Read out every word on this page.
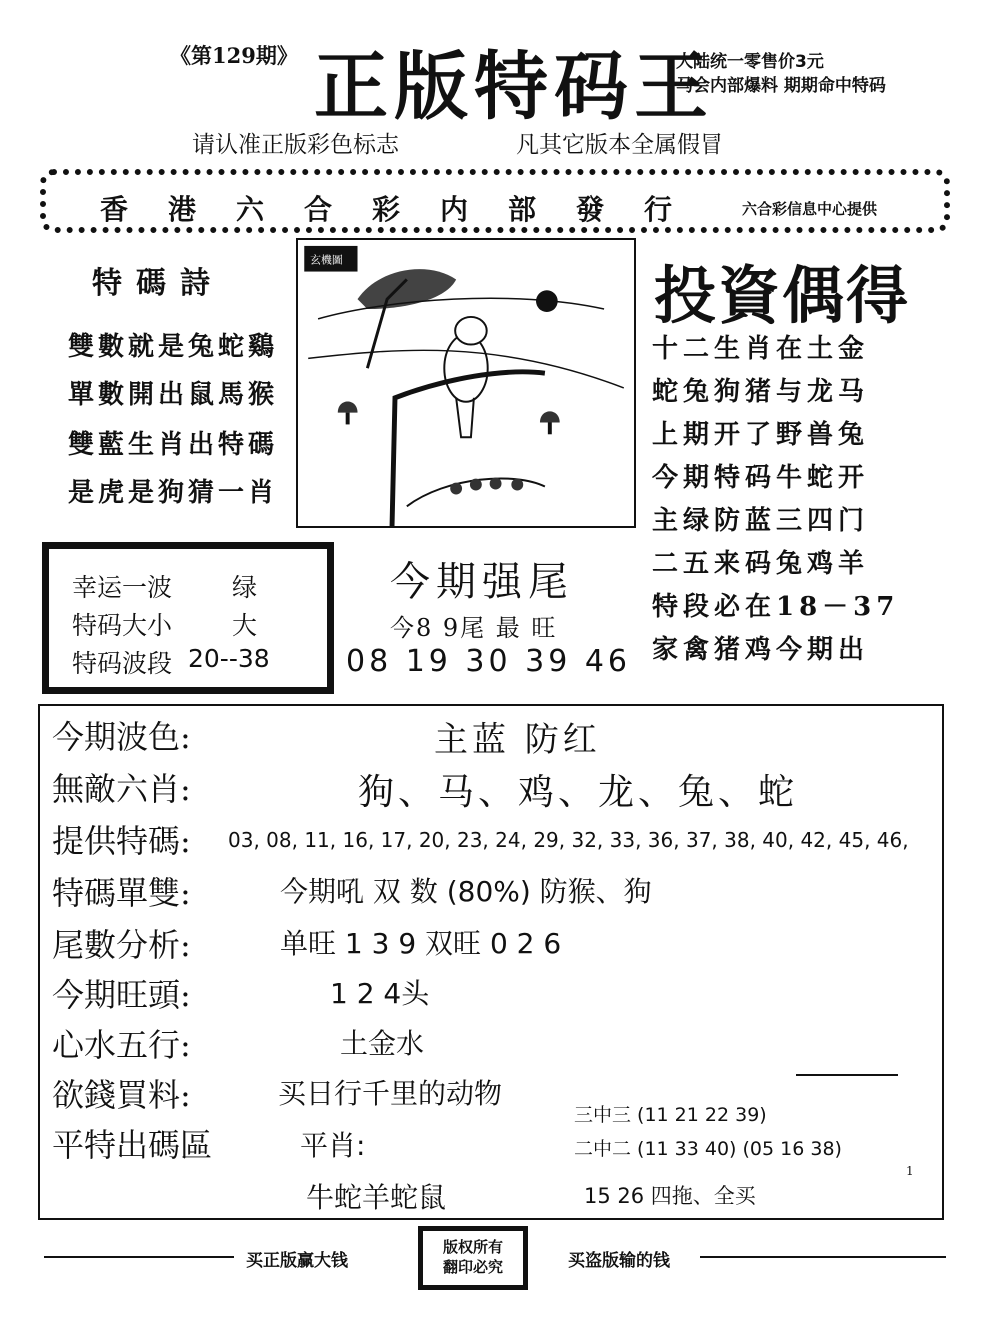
《第129期》 正版特码王
大陆统一零售价3元
马会内部爆料 期期命中特码
请认准正版彩色标志	凡其它版本全属假冒
香港六合彩内部發行 六合彩信息中心提供
特碼詩
雙數就是兔蛇鷄
單數開出鼠馬猴
雙藍生肖出特碼
是虎是狗猜一肖
玄機圖	投資偶得
十二生肖在土金
蛇兔狗猪与龙马
上期开了野兽兔
今期特码牛蛇开
主绿防蓝三四门
二五来码兔鸡羊
特段必在18－37
家禽猪鸡今期出
幸运一波 绿
特码大小 大
特码波段 20--38
今期强尾
今8 9尾 最 旺
08 19 30 39 46
今期波色:	主蓝 防红
無敵六肖:	狗、马、鸡、龙、兔、蛇
提供特碼: 03, 08, 11, 16, 17, 20, 23, 24, 29, 32, 33, 36, 37, 38, 40, 42, 45, 46,
特碼單雙:	今期吼 双 数 (80%) 防猴、狗
尾數分析:	单旺 1 3 9 双旺 0 2 6
今期旺頭:	1 2 4头
心水五行:	土金水
欲錢買料:	买日行千里的动物
三中三 (11 21 22 39)
二中二 (11 33 40) (05 16 38)
平特出碼區	平肖:
牛蛇羊蛇鼠	15 26 四拖、全买
1
买正版赢大钱
版权所有
翻印必究	买盗版输的钱
